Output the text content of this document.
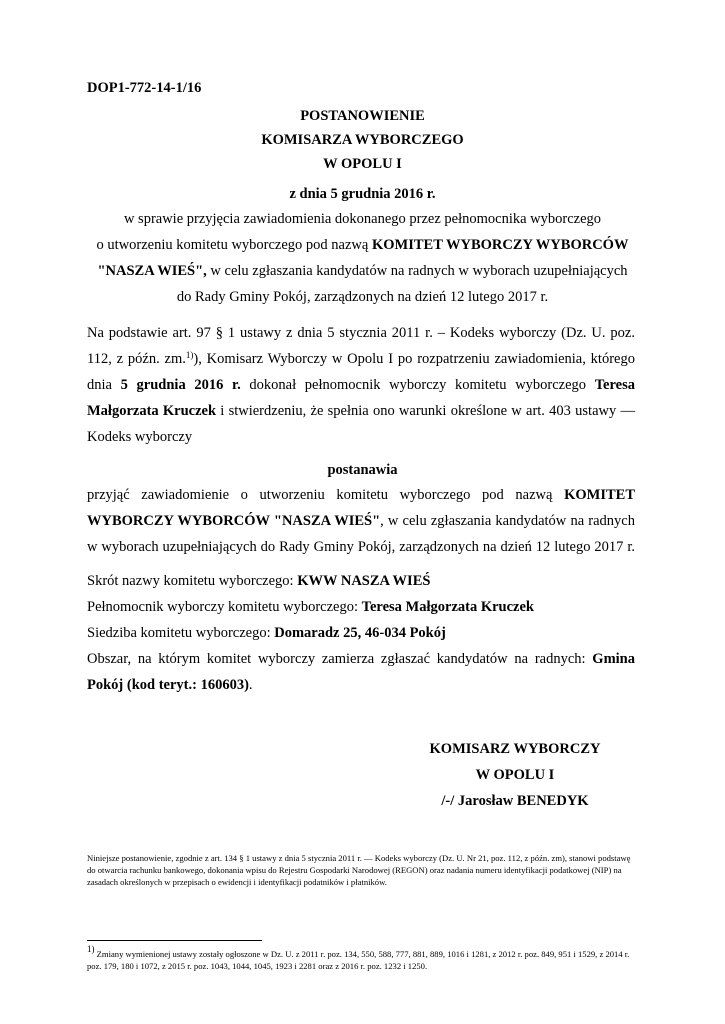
DOP1-772-14-1/16
POSTANOWIENIE
KOMISARZA WYBORCZEGO
W OPOLU I
z dnia 5 grudnia 2016 r.
w sprawie przyjęcia zawiadomienia dokonanego przez pełnomocnika wyborczego
o utworzeniu komitetu wyborczego pod nazwą KOMITET WYBORCZY WYBORCÓW
"NASZA WIEŚ", w celu zgłaszania kandydatów na radnych w wyborach uzupełniających
do Rady Gminy Pokój, zarządzonych na dzień 12 lutego 2017 r.
Na podstawie art. 97 § 1 ustawy z dnia 5 stycznia 2011 r. – Kodeks wyborczy (Dz. U. poz.
112, z późn. zm.$^{1)}$), Komisarz Wyborczy w Opolu I po rozpatrzeniu zawiadomienia, którego
dnia 5 grudnia 2016 r. dokonał pełnomocnik wyborczy komitetu wyborczego Teresa
Małgorzata Kruczek i stwierdzeniu, że spełnia ono warunki określone w art. 403 ustawy —
Kodeks wyborczy
postanawia
przyjąć zawiadomienie o utworzeniu komitetu wyborczego pod nazwą KOMITET
WYBORCZY WYBORCÓW "NASZA WIEŚ", w celu zgłaszania kandydatów na radnych
w wyborach uzupełniających do Rady Gminy Pokój, zarządzonych na dzień 12 lutego 2017 r.
Skrót nazwy komitetu wyborczego: KWW NASZA WIEŚ
Pełnomocnik wyborczy komitetu wyborczego: Teresa Małgorzata Kruczek
Siedziba komitetu wyborczego: Domaradz 25, 46-034 Pokój
Obszar, na którym komitet wyborczy zamierza zgłaszać kandydatów na radnych: Gmina
Pokój (kod teryt.: 160603).
KOMISARZ WYBORCZY
W OPOLU I
/-/ Jarosław BENEDYK
Niniejsze postanowienie, zgodnie z art. 134 § 1 ustawy z dnia 5 stycznia 2011 r. — Kodeks wyborczy (Dz. U. Nr 21, poz. 112, z późn. zm), stanowi podstawę do otwarcia rachunku bankowego, dokonania wpisu do Rejestru Gospodarki Narodowej (REGON) oraz nadania numeru identyfikacji podatkowej (NIP) na zasadach określonych w przepisach o ewidencji i identyfikacji podatników i płatników.
$^{1)}$ Zmiany wymienionej ustawy zostały ogłoszone w Dz. U. z 2011 r. poz. 134, 550, 588, 777, 881, 889, 1016 i 1281, z 2012 r. poz. 849, 951 i 1529, z 2014 r. poz. 179, 180 i 1072, z 2015 r. poz. 1043, 1044, 1045, 1923 i 2281 oraz z 2016 r. poz. 1232 i 1250.
